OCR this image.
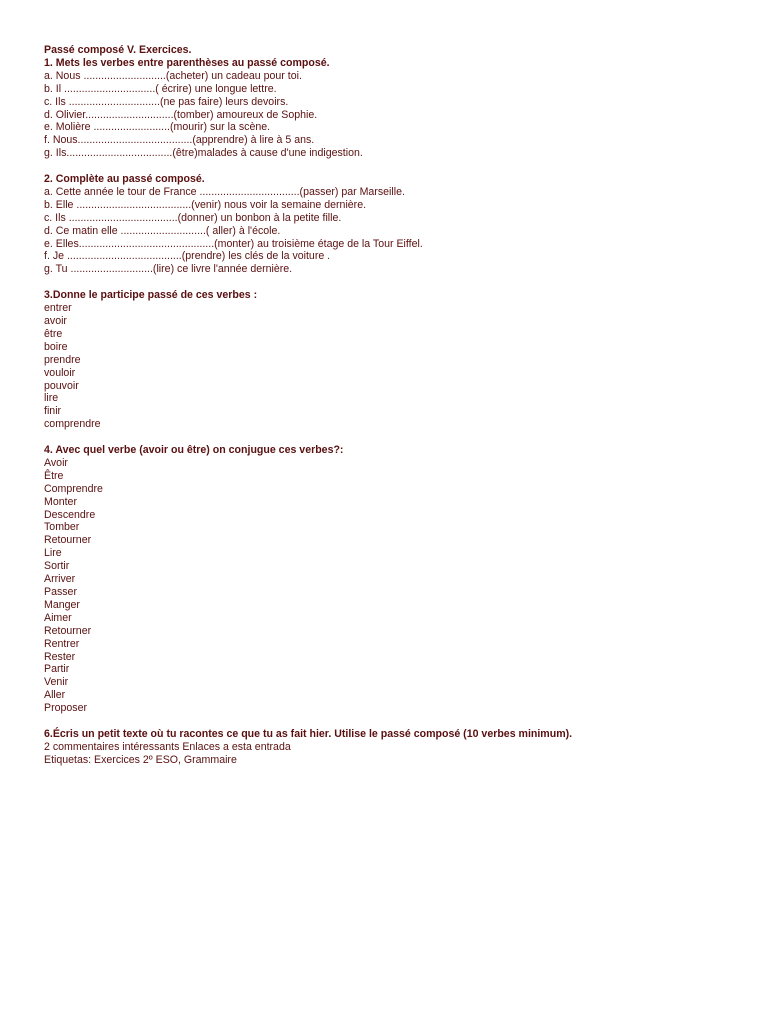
Passé composé V. Exercices.
1. Mets les verbes entre parenthèses au passé composé.
a. Nous ............................(acheter) un cadeau pour toi.
b. Il ...............................( écrire) une longue lettre.
c. Ils ...............................(ne pas faire) leurs devoirs.
d. Olivier..............................(tomber) amoureux de Sophie.
e. Molière ..........................(mourir) sur la scène.
f. Nous.......................................(apprendre) à lire à 5 ans.
g. Ils....................................(être)malades à cause d'une indigestion.
2. Complète au passé composé.
a. Cette année le tour de France ..................................(passer) par Marseille.
b. Elle .......................................(venir) nous voir la semaine dernière.
c. Ils .....................................(donner) un bonbon à la petite fille.
d. Ce matin elle .............................( aller) à l'école.
e. Elles..............................................(monter) au troisième étage de la Tour Eiffel.
f. Je .......................................(prendre) les clés de la voiture .
g. Tu ............................(lire) ce livre l'année dernière.
3.Donne le participe passé de ces verbes :
entrer
avoir
être
boire
prendre
vouloir
pouvoir
lire
finir
comprendre
4. Avec quel verbe (avoir ou être) on conjugue ces verbes?:
Avoir
Être
Comprendre
Monter
Descendre
Tomber
Retourner
Lire
Sortir
Arriver
Passer
Manger
Aimer
Retourner
Rentrer
Rester
Partir
Venir
Aller
Proposer
6.Écris un petit texte où tu racontes ce que tu as fait hier. Utilise le passé composé (10 verbes minimum).
2 commentaires intéressants Enlaces a esta entrada
Etiquetas: Exercices 2º ESO, Grammaire
